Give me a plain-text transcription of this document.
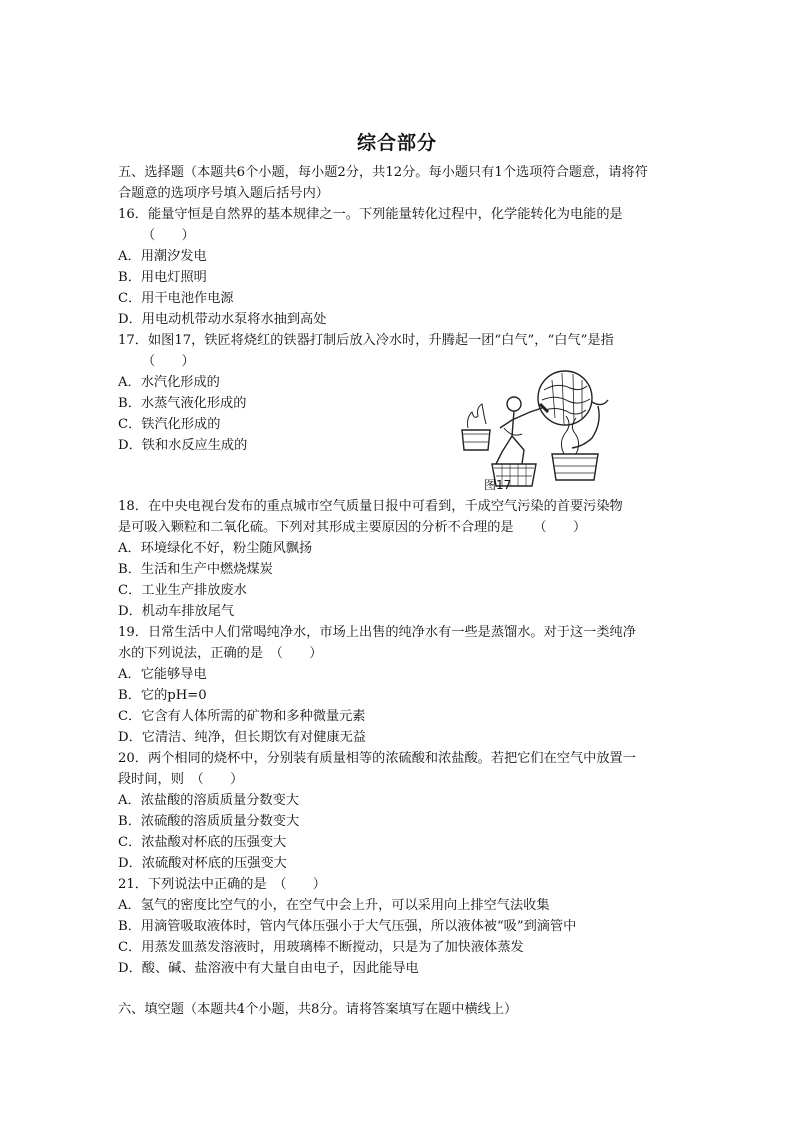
综合部分
五、选择题（本题共6个小题，每小题2分，共12分。每小题只有1个选项符合题意，请将符
合题意的选项序号填入题后括号内）
16．能量守恒是自然界的基本规律之一。下列能量转化过程中，化学能转化为电能的是
（　　）
A．用潮汐发电
B．用电灯照明
C．用干电池作电源
D．用电动机带动水泵将水抽到高处
17．如图17，铁匠将烧红的铁器打制后放入冷水时，升腾起一团“白气”，“白气”是指
（　　）
A．水汽化形成的
B．水蒸气液化形成的
C．铁汽化形成的
D．铁和水反应生成的
图17
18．在中央电视台发布的重点城市空气质量日报中可看到，千成空气污染的首要污染物
是可吸入颗粒和二氧化硫。下列对其形成主要原因的分析不合理的是　　（　　）
A．环境绿化不好，粉尘随风飘扬
B．生活和生产中燃烧煤炭
C．工业生产排放废水
D．机动车排放尾气
19．日常生活中人们常喝纯净水，市场上出售的纯净水有一些是蒸馏水。对于这一类纯净
水的下列说法，正确的是　（　　）
A．它能够导电
B．它的pH=0
C．它含有人体所需的矿物和多种微量元素
D．它清洁、纯净，但长期饮有对健康无益
20．两个相同的烧杯中，分别装有质量相等的浓硫酸和浓盐酸。若把它们在空气中放置一
段时间，则　（　　）
A．浓盐酸的溶质质量分数变大
B．浓硫酸的溶质质量分数变大
C．浓盐酸对杯底的压强变大
D．浓硫酸对杯底的压强变大
21．下列说法中正确的是　（　　）
A．氢气的密度比空气的小，在空气中会上升，可以采用向上排空气法收集
B．用滴管吸取液体时，管内气体压强小于大气压强，所以液体被“吸”到滴管中
C．用蒸发皿蒸发溶液时，用玻璃棒不断搅动，只是为了加快液体蒸发
D．酸、碱、盐溶液中有大量自由电子，因此能导电
六、填空题（本题共4个小题，共8分。请将答案填写在题中横线上）
